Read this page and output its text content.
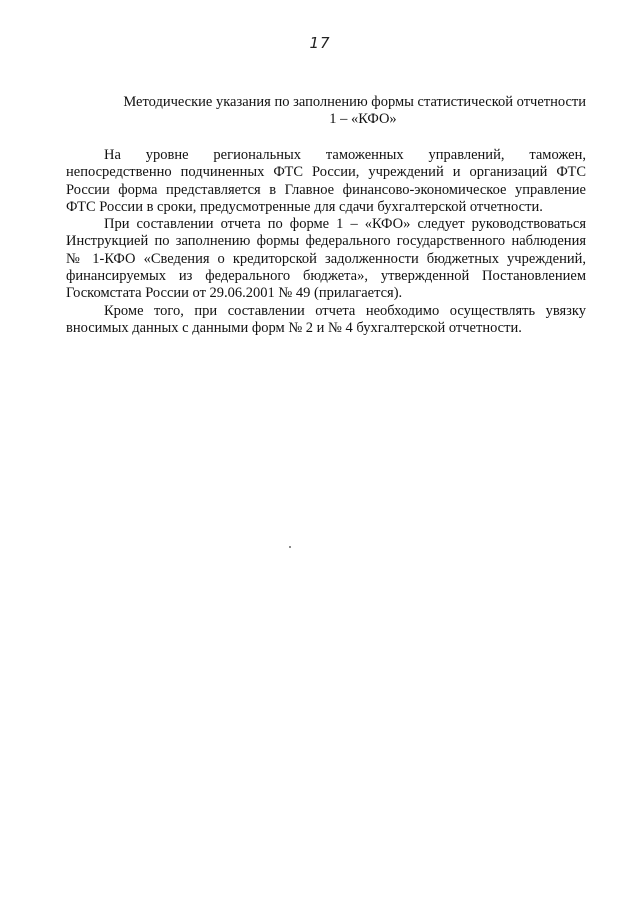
17
Методические указания по заполнению формы статистической отчетности
1 – «КФО»

На уровне региональных таможенных управлений, таможен, непосредственно подчиненных ФТС России, учреждений и организаций ФТС России форма представляется в Главное финансово-экономическое управление ФТС России в сроки, предусмотренные для сдачи бухгалтерской отчетности.

При составлении отчета по форме 1 – «КФО» следует руководствоваться Инструкцией по заполнению формы федерального государственного наблюдения № 1-КФО «Сведения о кредиторской задолженности бюджетных учреждений, финансируемых из федерального бюджета», утвержденной Постановлением Госкомстата России от 29.06.2001 № 49 (прилагается).

Кроме того, при составлении отчета необходимо осуществлять увязку вносимых данных с данными форм № 2 и № 4 бухгалтерской отчетности.
